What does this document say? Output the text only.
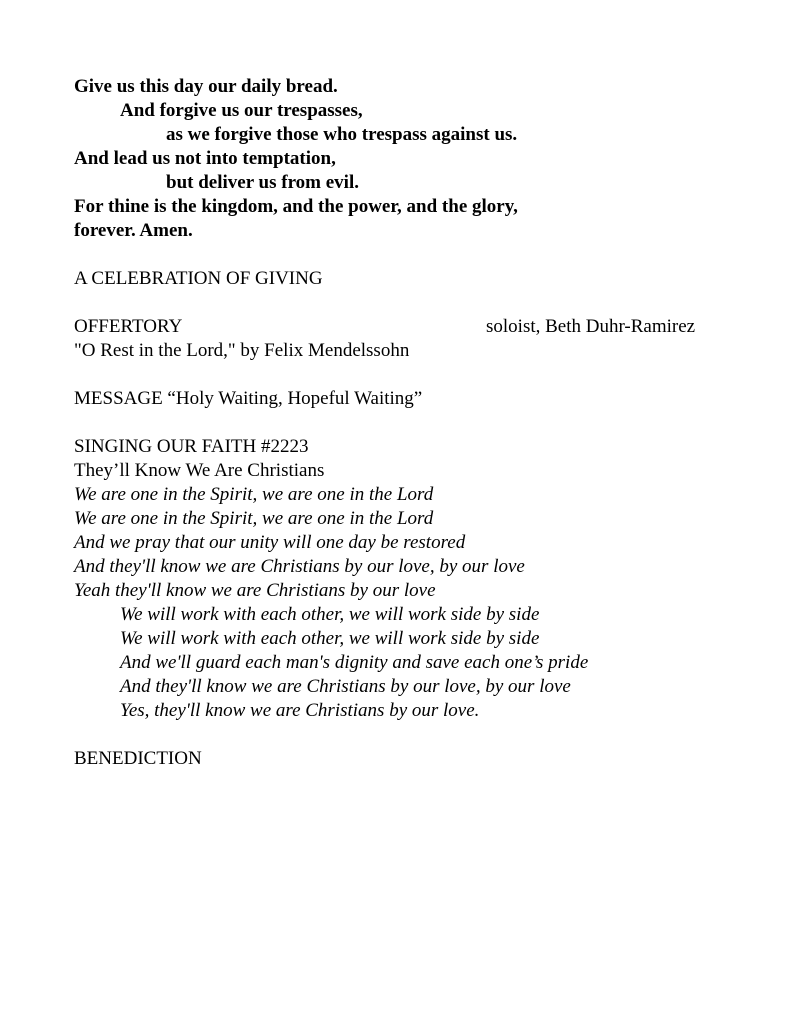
Give us this day our daily bread.
And forgive us our trespasses,
as we forgive those who trespass against us.
And lead us not into temptation,
but deliver us from evil.
For thine is the kingdom, and the power, and the glory,
forever. Amen.
A CELEBRATION OF GIVING
OFFERTORY	soloist, Beth Duhr-Ramirez
"O Rest in the Lord," by Felix Mendelssohn
MESSAGE “Holy Waiting, Hopeful Waiting”
SINGING OUR FAITH #2223
They’ll Know We Are Christians
We are one in the Spirit, we are one in the Lord
We are one in the Spirit, we are one in the Lord
And we pray that our unity will one day be restored
And they'll know we are Christians by our love, by our love
Yeah they'll know we are Christians by our love
We will work with each other, we will work side by side
We will work with each other, we will work side by side
And we'll guard each man's dignity and save each one’s pride
And they'll know we are Christians by our love, by our love
Yes, they'll know we are Christians by our love.
BENEDICTION
